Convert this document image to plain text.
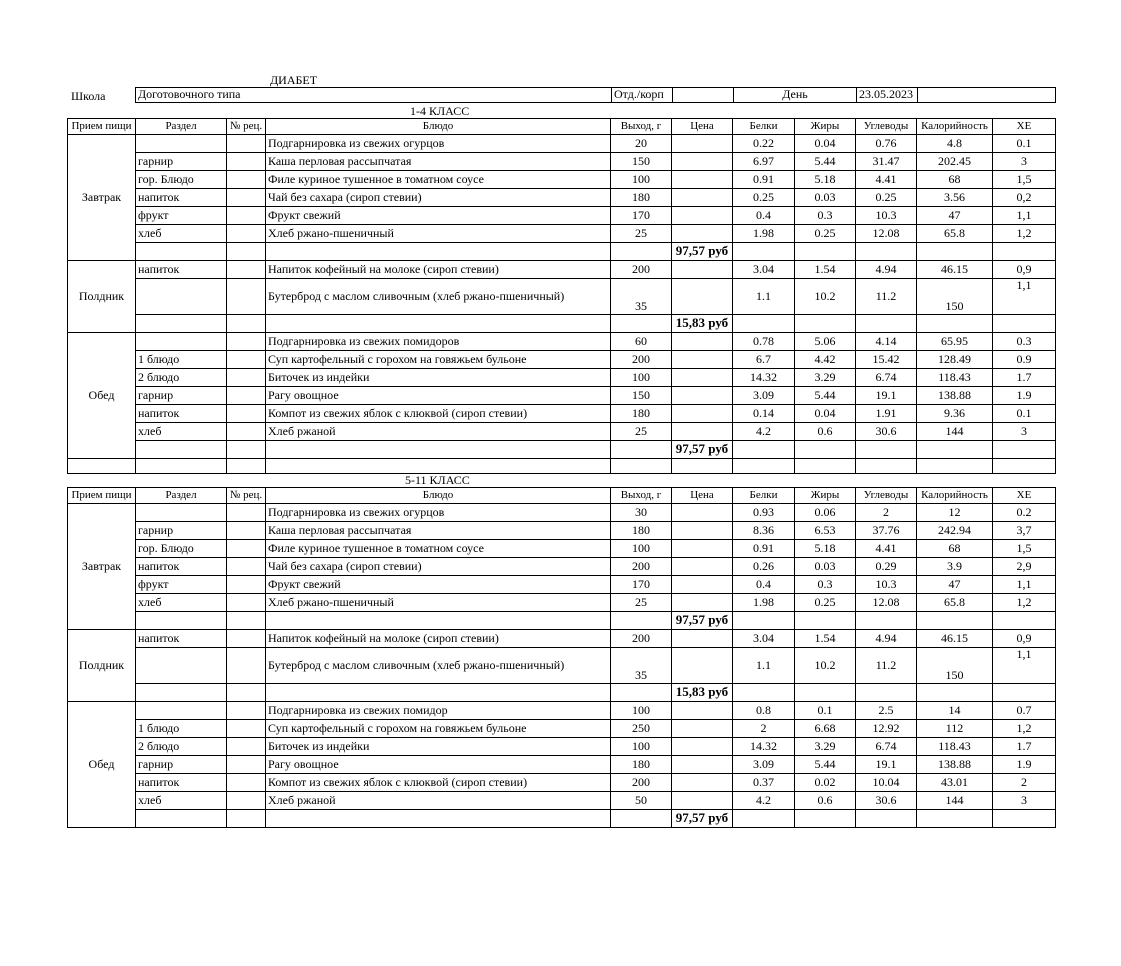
ДИАБЕТ
Школа	Доготовочного типа	Отд./корп		День	23.05.2023	
1-4 КЛАСС
Прием пищи	Раздел	№ рец.	Блюдо	Выход, г	Цена	Белки	Жиры	Углеводы	Калорийность	ХЕ
Завтрак			Подгарнировка из свежих огурцов	20		0.22	0.04	0.76	4.8	0.1
	гарнир		Каша перловая рассыпчатая	150		6.97	5.44	31.47	202.45	3
	гор. Блюдо		Филе куриное тушенное в томатном соусе	100		0.91	5.18	4.41	68	1,5
	напиток		Чай без сахара (сироп стевии)	180		0.25	0.03	0.25	3.56	0,2
	фрукт		Фрукт свежий	170		0.4	0.3	10.3	47	1,1
	хлеб		Хлеб ржано-пшеничный	25		1.98	0.25	12.08	65.8	1,2
					97,57 руб					
Полдник	напиток		Напиток кофейный на молоке (сироп стевии)	200		3.04	1.54	4.94	46.15	0,9
			Бутерброд с маслом сливочным (хлеб ржано-пшеничный)	35		1.1	10.2	11.2	150	1,1
					15,83 руб					
Обед			Подгарнировка из свежих помидоров	60		0.78	5.06	4.14	65.95	0.3
	1 блюдо		Суп картофельный с горохом на говяжьем бульоне	200		6.7	4.42	15.42	128.49	0.9
	2 блюдо		Биточек из индейки	100		14.32	3.29	6.74	118.43	1.7
	гарнир		Рагу овощное	150		3.09	5.44	19.1	138.88	1.9
	напиток		Компот из свежих яблок с клюквой (сироп стевии)	180		0.14	0.04	1.91	9.36	0.1
	хлеб		Хлеб ржаной	25		4.2	0.6	30.6	144	3
					97,57 руб					

5-11 КЛАСС
Прием пищи	Раздел	№ рец.	Блюдо	Выход, г	Цена	Белки	Жиры	Углеводы	Калорийность	ХЕ
Завтрак			Подгарнировка из свежих огурцов	30		0.93	0.06	2	12	0.2
	гарнир		Каша перловая рассыпчатая	180		8.36	6.53	37.76	242.94	3,7
	гор. Блюдо		Филе куриное тушенное в томатном соусе	100		0.91	5.18	4.41	68	1,5
	напиток		Чай без сахара (сироп стевии)	200		0.26	0.03	0.29	3.9	2,9
	фрукт		Фрукт свежий	170		0.4	0.3	10.3	47	1,1
	хлеб		Хлеб ржано-пшеничный	25		1.98	0.25	12.08	65.8	1,2
					97,57 руб					
Полдник	напиток		Напиток кофейный на молоке (сироп стевии)	200		3.04	1.54	4.94	46.15	0,9
			Бутерброд с маслом сливочным (хлеб ржано-пшеничный)	35		1.1	10.2	11.2	150	1,1
					15,83 руб					
Обед			Подгарнировка из свежих помидор	100		0.8	0.1	2.5	14	0.7
	1 блюдо		Суп картофельный с горохом на говяжьем бульоне	250		2	6.68	12.92	112	1,2
	2 блюдо		Биточек из индейки	100		14.32	3.29	6.74	118.43	1.7
	гарнир		Рагу овощное	180		3.09	5.44	19.1	138.88	1.9
	напиток		Компот из свежих яблок с клюквой (сироп стевии)	200		0.37	0.02	10.04	43.01	2
	хлеб		Хлеб ржаной	50		4.2	0.6	30.6	144	3
					97,57 руб					
